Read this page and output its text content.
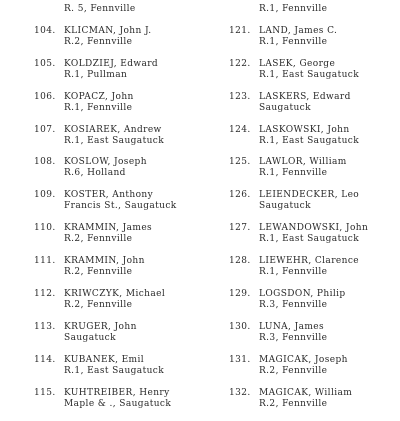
R. 5, Fennville
104. KLICMAN, John J.
R.2, Fennville
105. KOLDZIEJ, Edward
R.1, Pullman
106. KOPACZ, John
R.1, Fennville
107. KOSIAREK, Andrew
R.1, East Saugatuck
108. KOSLOW, Joseph
R.6, Holland
109. KOSTER, Anthony
Francis St., Saugatuck
110. KRAMMIN, James
R.2, Fennville
111. KRAMMIN, John
R.2, Fennville
112. KRIWCZYK, Michael
R.2, Fennville
113. KRUGER, John
Saugatuck
114. KUBANEK, Emil
R.1, East Saugatuck
115. KUHTREIBER, Henry
Maple & ., Saugatuck
R.1, Fennville
121. LAND, James C.
R.1, Fennville
122. LASEK, George
R.1, East Saugatuck
123. LASKERS, Edward
Saugatuck
124. LASKOWSKI, John
R.1, East Saugatuck
125. LAWLOR, William
R.1, Fennville
126. LEIENDECKER, Leo
Saugatuck
127. LEWANDOWSKI, John
R.1, East Saugatuck
128. LIEWEHR, Clarence
R.1, Fennville
129. LOGSDON, Philip
R.3, Fennville
130. LUNA, James
R.3, Fennville
131. MAGICAK, Joseph
R.2, Fennville
132. MAGICAK, William
R.2, Fennville
